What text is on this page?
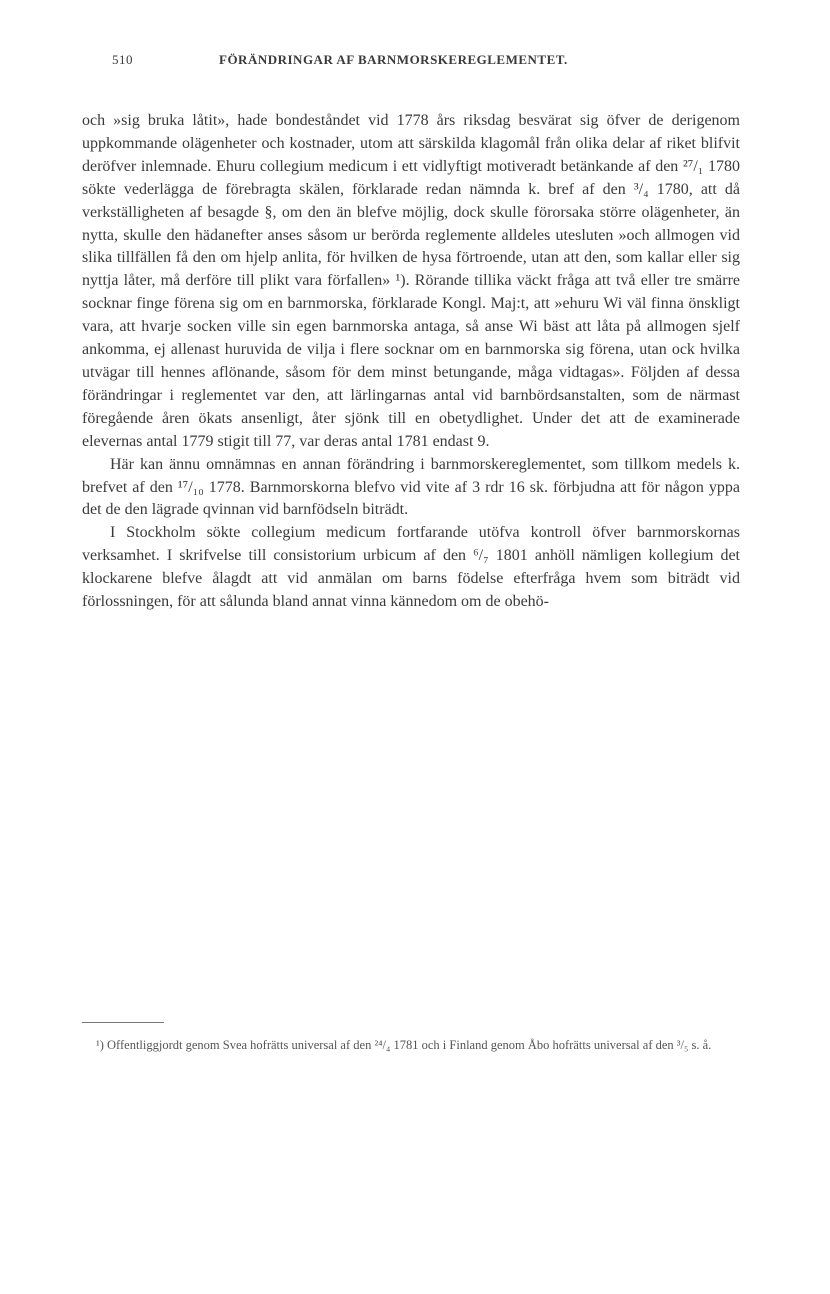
510	FÖRÄNDRINGAR AF BARNMORSKEREGLEMENTET.

och »sig bruka låtit», hade bondeståndet vid 1778 års riksdag besvärat sig öfver de derigenom uppkommande olägenheter och kostnader, utom att särskilda klagomål från olika delar af riket blifvit deröfver inlemnade. Ehuru collegium medicum i ett vidlyftigt motiveradt betänkande af den ²⁷/₁ 1780 sökte vederlägga de förebragta skälen, förklarade redan nämnda k. bref af den ³/₄ 1780, att då verkställigheten af besagde §, om den än blefve möjlig, dock skulle förorsaka större olägenheter, än nytta, skulle den hädanefter anses såsom ur berörda reglemente alldeles utesluten »och allmogen vid slika tillfällen få den om hjelp anlita, för hvilken de hysa förtroende, utan att den, som kallar eller sig nyttja låter, må derföre till plikt vara förfallen» ¹). Rörande tillika väckt fråga att två eller tre smärre socknar finge förena sig om en barnmorska, förklarade Kongl. Maj:t, att »ehuru Wi väl finna önskligt vara, att hvarje socken ville sin egen barnmorska antaga, så anse Wi bäst att låta på allmogen sjelf ankomma, ej allenast huruvida de vilja i flere socknar om en barnmorska sig förena, utan ock hvilka utvägar till hennes aflönande, såsom för dem minst betungande, måga vidtagas». Följden af dessa förändringar i reglementet var den, att lärlingarnas antal vid barnbördsanstalten, som de närmast föregående åren ökats ansenligt, åter sjönk till en obetydlighet. Under det att de examinerade elevernas antal 1779 stigit till 77, var deras antal 1781 endast 9.

Här kan ännu omnämnas en annan förändring i barnmorskereglementet, som tillkom medels k. brefvet af den ¹⁷/₁₀ 1778. Barnmorskorna blefvo vid vite af 3 rdr 16 sk. förbjudna att för någon yppa det de den lägrade qvinnan vid barnfödseln biträdt.

I Stockholm sökte collegium medicum fortfarande utöfva kontroll öfver barnmorskornas verksamhet. I skrifvelse till consistorium urbicum af den ⁶/₇ 1801 anhöll nämligen kollegium det klockarene blefve ålagdt att vid anmälan om barns födelse efterfråga hvem som biträdt vid förlossningen, för att sålunda bland annat vinna kännedom om de obehö-

¹) Offentliggjordt genom Svea hofrätts universal af den ²⁴/₄ 1781 och i Finland genom Åbo hofrätts universal af den ³/₅ s. å.
